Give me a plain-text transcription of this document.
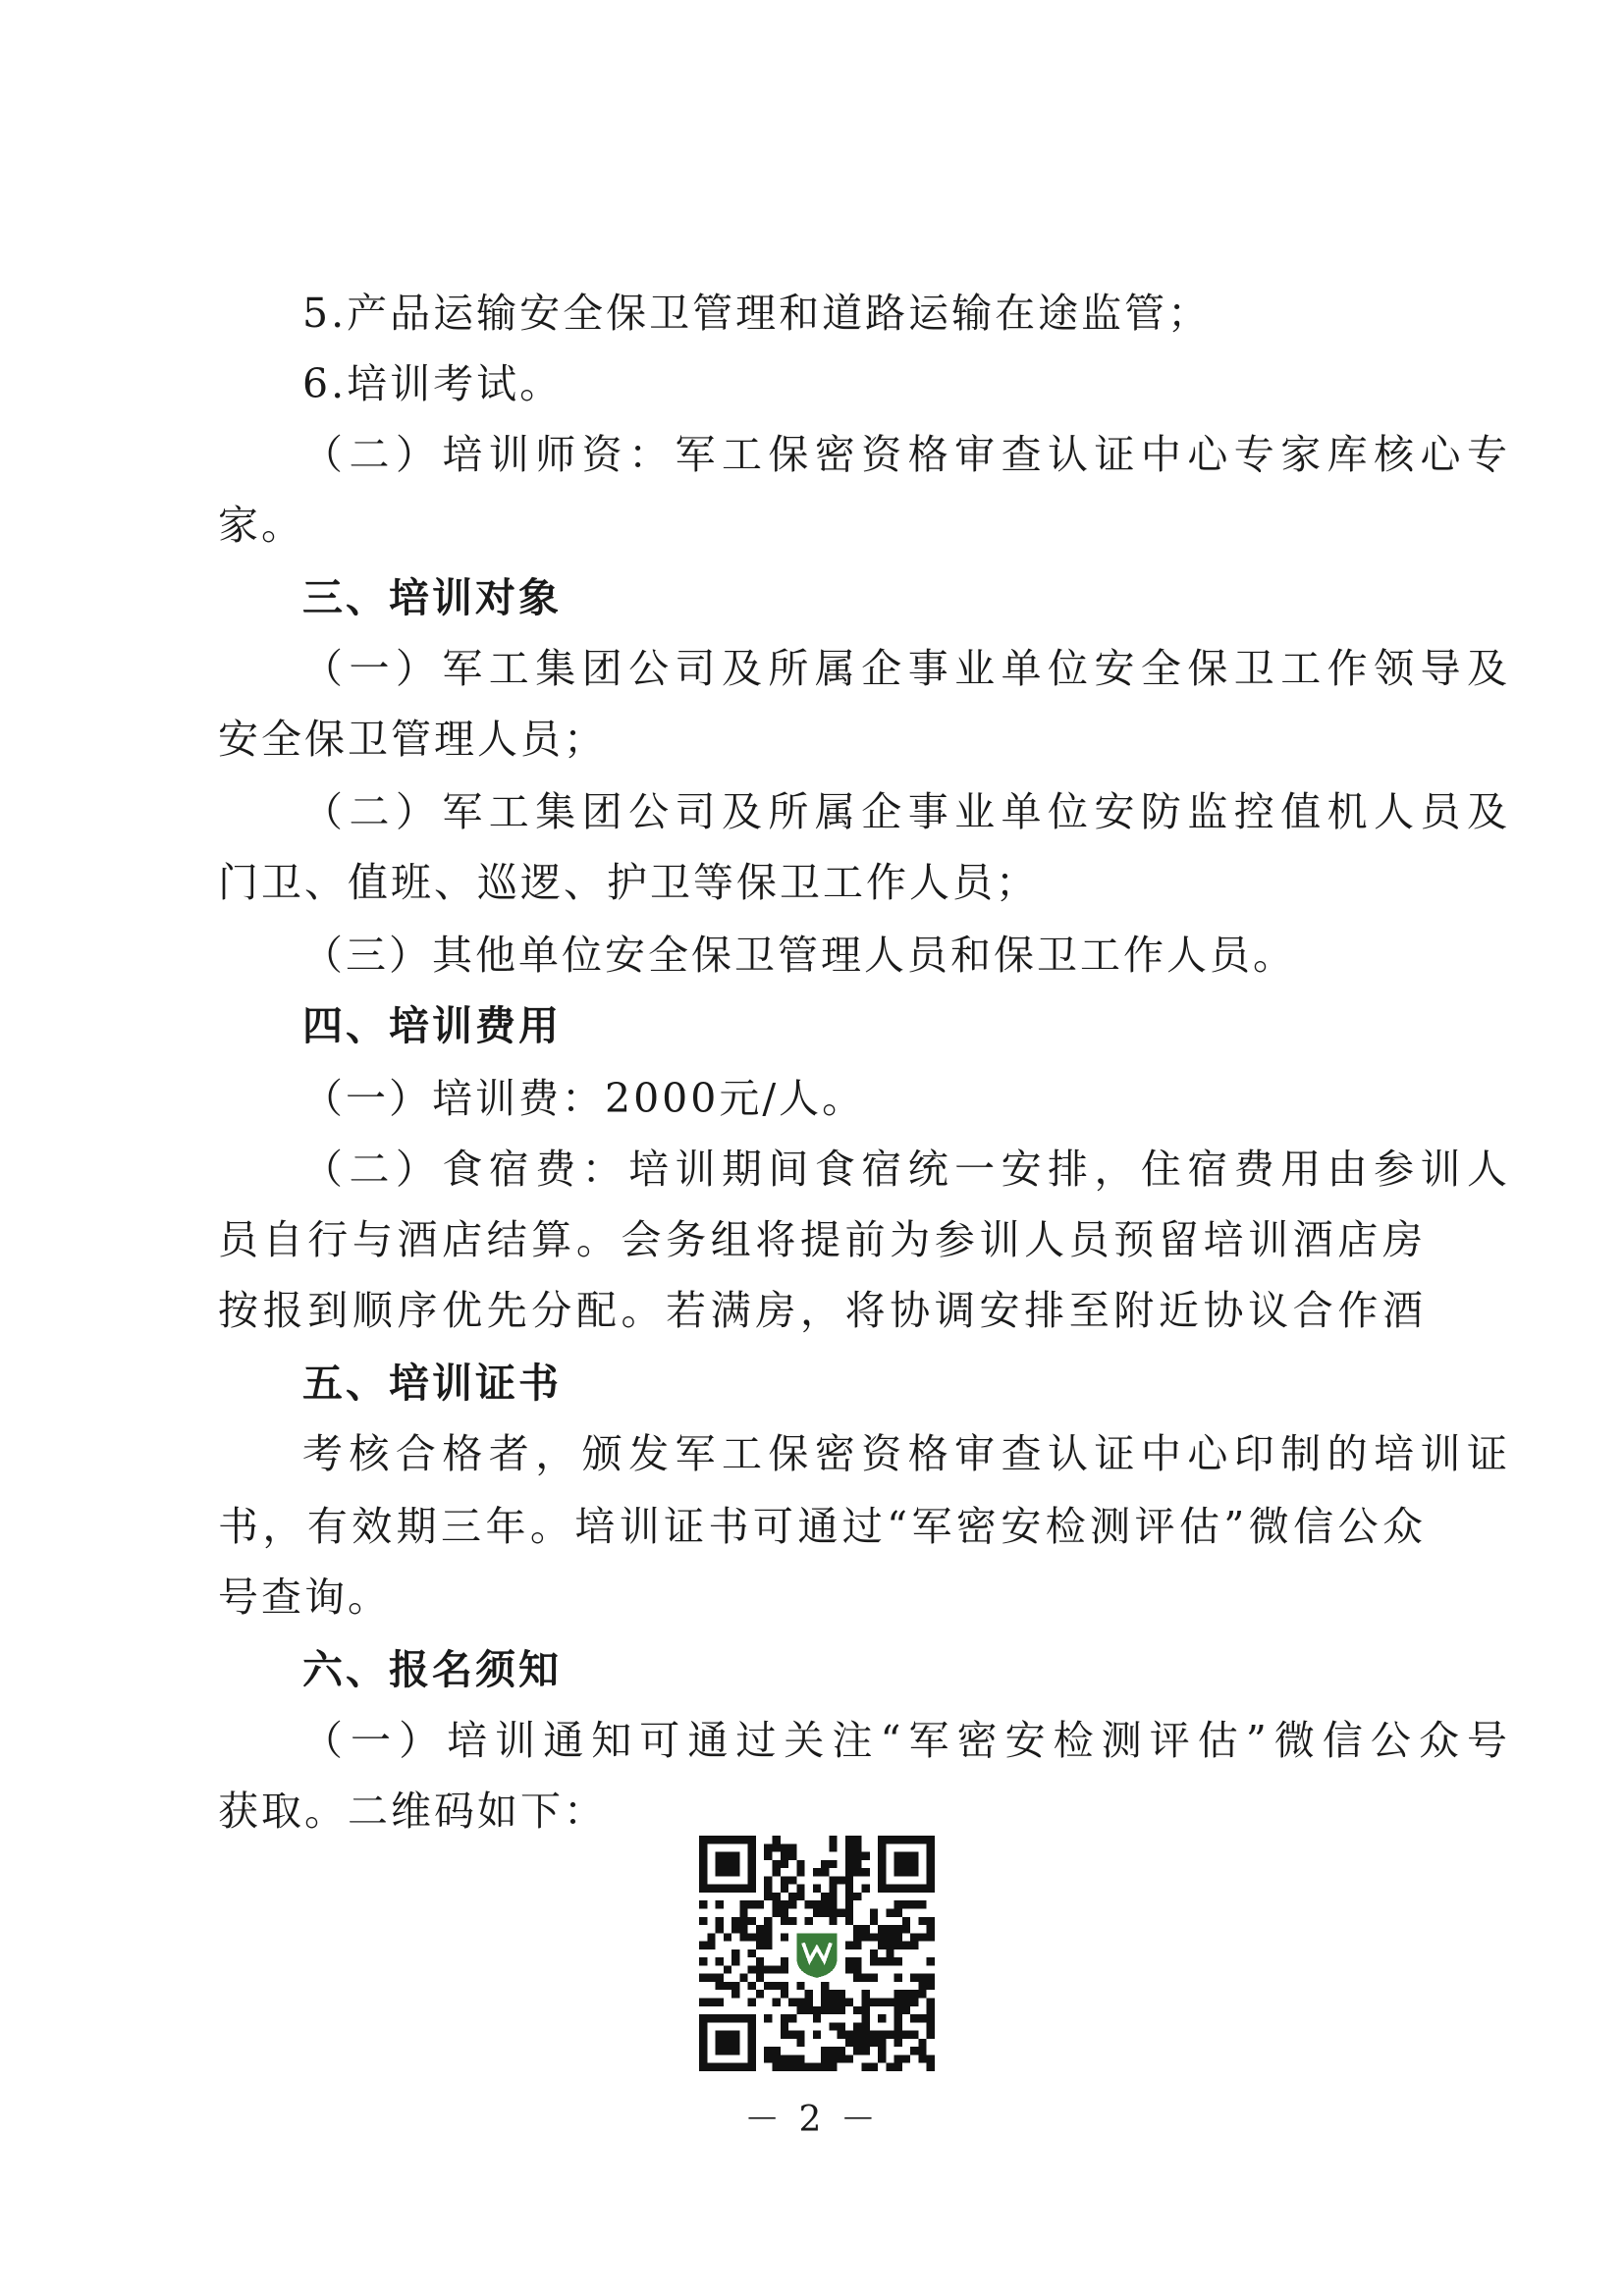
5.产品运输安全保卫管理和道路运输在途监管；
6.培训考试。
（二）培训师资：军工保密资格审查认证中心专家库核心专
家。
三、培训对象
（一）军工集团公司及所属企事业单位安全保卫工作领导及
安全保卫管理人员；
（二）军工集团公司及所属企事业单位安防监控值机人员及
门卫、值班、巡逻、护卫等保卫工作人员；
（三）其他单位安全保卫管理人员和保卫工作人员。
四、培训费用
（一）培训费：2000元/人。
（二）食宿费：培训期间食宿统一安排，住宿费用由参训人
员自行与酒店结算。会务组将提前为参训人员预留培训酒店房
按报到顺序优先分配。若满房，将协调安排至附近协议合作酒
五、培训证书
考核合格者，颁发军工保密资格审查认证中心印制的培训证
书，有效期三年。培训证书可通过“军密安检测评估”微信公众
号查询。
六、报名须知
（一）培训通知可通过关注“军密安检测评估”微信公众号
获取。二维码如下：
－ 2 －
